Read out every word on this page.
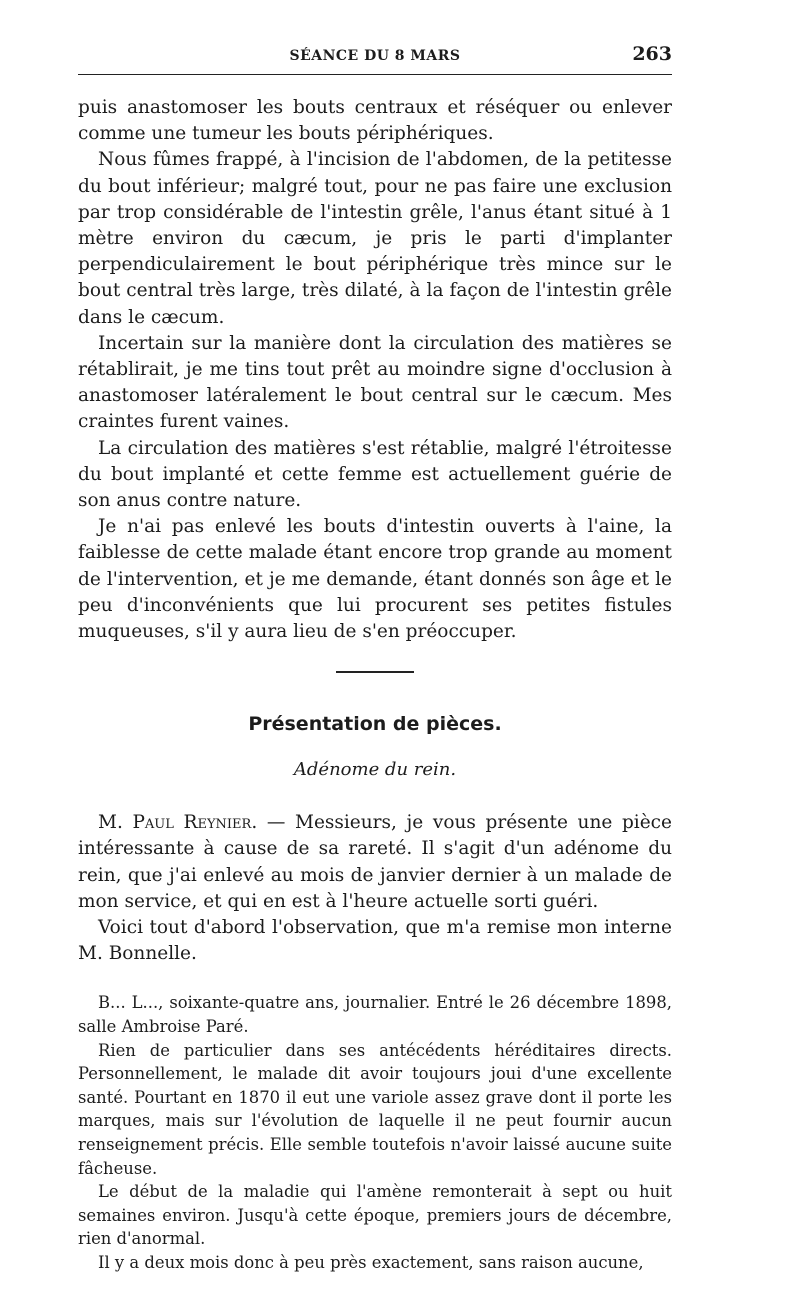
SÉANCE DU 8 MARS	263

puis anastomoser les bouts centraux et réséquer ou enlever comme une tumeur les bouts périphériques.

Nous fûmes frappé, à l'incision de l'abdomen, de la petitesse du bout inférieur; malgré tout, pour ne pas faire une exclusion par trop considérable de l'intestin grêle, l'anus étant situé à 1 mètre environ du cæcum, je pris le parti d'implanter perpendiculairement le bout périphérique très mince sur le bout central très large, très dilaté, à la façon de l'intestin grêle dans le cæcum.

Incertain sur la manière dont la circulation des matières se rétablirait, je me tins tout prêt au moindre signe d'occlusion à anastomoser latéralement le bout central sur le cæcum. Mes craintes furent vaines.

La circulation des matières s'est rétablie, malgré l'étroitesse du bout implanté et cette femme est actuellement guérie de son anus contre nature.

Je n'ai pas enlevé les bouts d'intestin ouverts à l'aine, la faiblesse de cette malade étant encore trop grande au moment de l'intervention, et je me demande, étant donnés son âge et le peu d'inconvénients que lui procurent ses petites fistules muqueuses, s'il y aura lieu de s'en préoccuper.

Présentation de pièces.
Adénome du rein.

M. Paul Reynier. — Messieurs, je vous présente une pièce intéressante à cause de sa rareté. Il s'agit d'un adénome du rein, que j'ai enlevé au mois de janvier dernier à un malade de mon service, et qui en est à l'heure actuelle sorti guéri.

Voici tout d'abord l'observation, que m'a remise mon interne M. Bonnelle.

B... L..., soixante-quatre ans, journalier. Entré le 26 décembre 1898, salle Ambroise Paré.

Rien de particulier dans ses antécédents héréditaires directs. Personnellement, le malade dit avoir toujours joui d'une excellente santé. Pourtant en 1870 il eut une variole assez grave dont il porte les marques, mais sur l'évolution de laquelle il ne peut fournir aucun renseignement précis. Elle semble toutefois n'avoir laissé aucune suite fâcheuse.

Le début de la maladie qui l'amène remonterait à sept ou huit semaines environ. Jusqu'à cette époque, premiers jours de décembre, rien d'anormal.

Il y a deux mois donc à peu près exactement, sans raison aucune,
